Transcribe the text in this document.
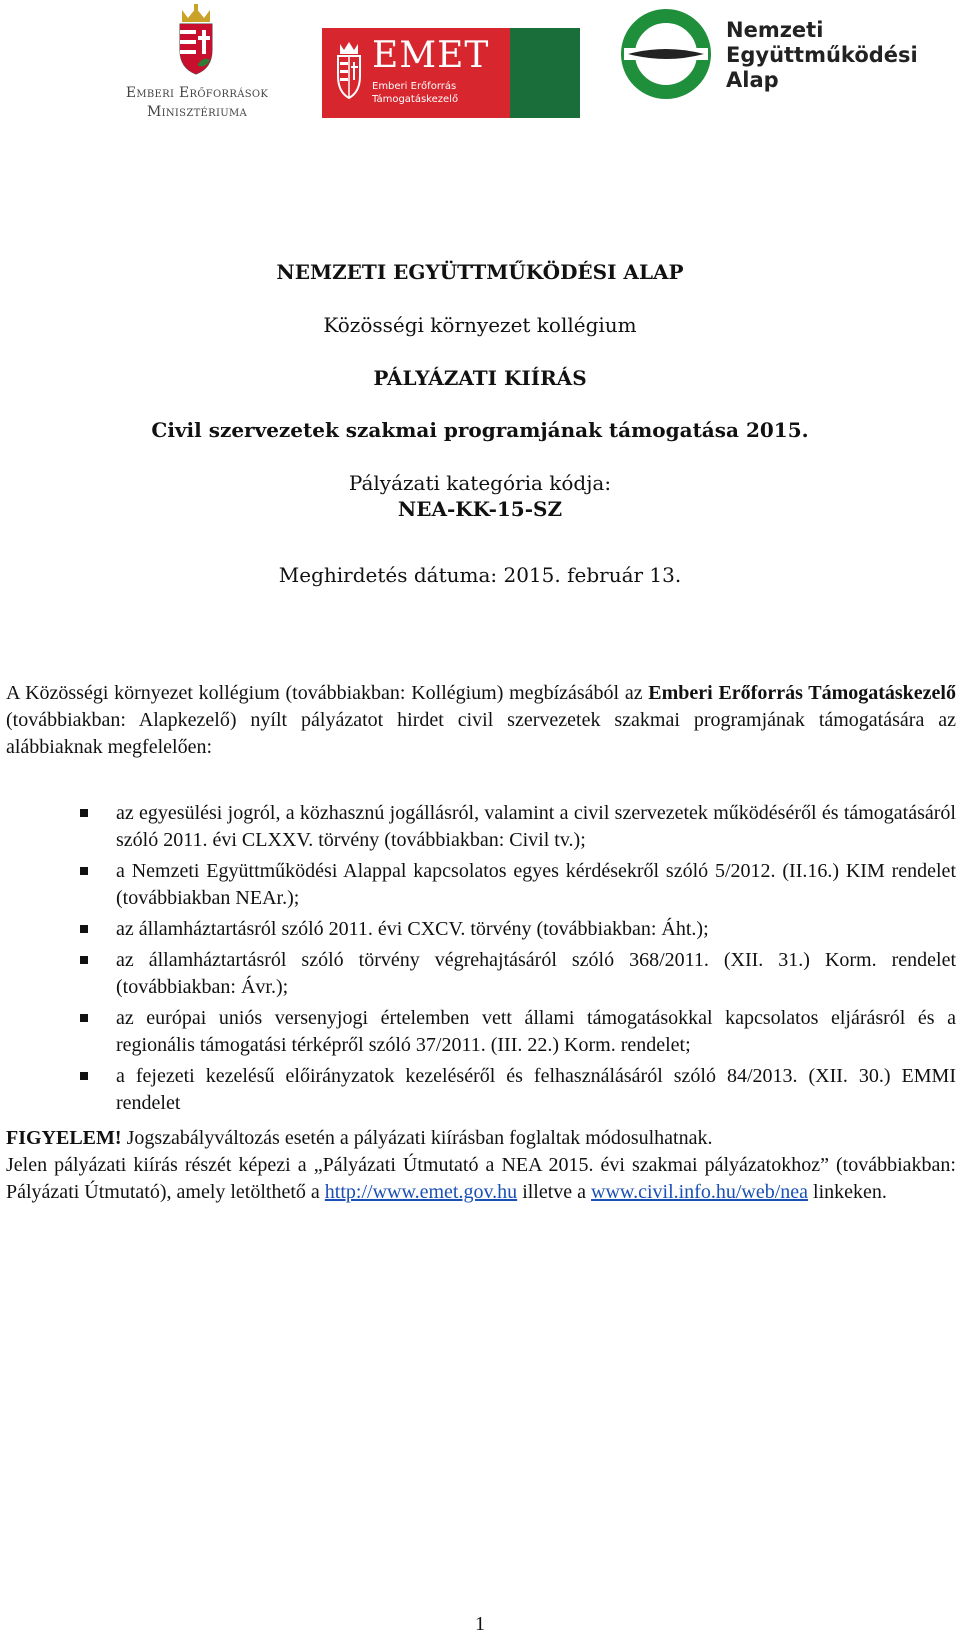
Emberi Erőforrások
Minisztériuma
EMET
Emberi Erőforrás
Támogatáskezelő
Nemzeti
Együttműködési
Alap
NEMZETI EGYÜTTMŰKÖDÉSI ALAP
Közösségi környezet kollégium
PÁLYÁZATI KIÍRÁS
Civil szervezetek szakmai programjának támogatása 2015.
Pályázati kategória kódja:
NEA-KK-15-SZ
Meghirdetés dátuma: 2015. február 13.

A Közösségi környezet kollégium (továbbiakban: Kollégium) megbízásából az Emberi Erőforrás Támogatáskezelő (továbbiakban: Alapkezelő) nyílt pályázatot hirdet civil szervezetek szakmai programjának támogatására az alábbiaknak megfelelően:

az egyesülési jogról, a közhasznú jogállásról, valamint a civil szervezetek működéséről és támogatásáról szóló 2011. évi CLXXV. törvény (továbbiakban: Civil tv.);
a Nemzeti Együttműködési Alappal kapcsolatos egyes kérdésekről szóló 5/2012. (II.16.) KIM rendelet (továbbiakban NEAr.);
az államháztartásról szóló 2011. évi CXCV. törvény (továbbiakban: Áht.);
az államháztartásról szóló törvény végrehajtásáról szóló 368/2011. (XII. 31.) Korm. rendelet (továbbiakban: Ávr.);
az európai uniós versenyjogi értelemben vett állami támogatásokkal kapcsolatos eljárásról és a regionális támogatási térképről szóló 37/2011. (III. 22.) Korm. rendelet;
a fejezeti kezelésű előirányzatok kezeléséről és felhasználásáról szóló 84/2013. (XII. 30.) EMMI rendelet

FIGYELEM! Jogszabályváltozás esetén a pályázati kiírásban foglaltak módosulhatnak.

Jelen pályázati kiírás részét képezi a „Pályázati Útmutató a NEA 2015. évi szakmai pályázatokhoz” (továbbiakban: Pályázati Útmutató), amely letölthető a http://www.emet.gov.hu illetve a www.civil.info.hu/web/nea linkeken.

1
